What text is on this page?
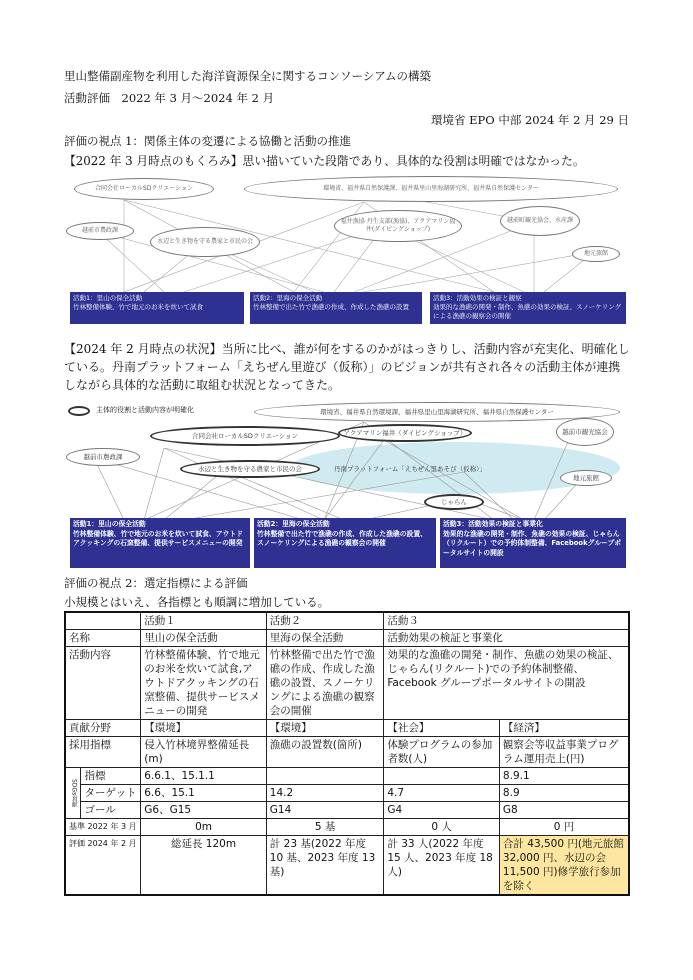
里山整備副産物を利用した海洋資源保全に関するコンソーシアムの構築
活動評価　2022 年 3 月～2024 年 2 月
環境省 EPO 中部 2024 年 2 月 29 日
評価の視点 1：関係主体の変遷による協働と活動の推進
【2022 年 3 月時点のもくろみ】思い描いていた段階であり、具体的な役割は明確ではなかった。
合同会社ローカルSDクリエーション	環境省、福井県自然保護課、福井県里山里海湖研究所、福井県自然保護センター
越前市農政課
水辺と生き物を守る農家と市民の会
福井漁協 丹生支部(漁協)、アクアマリン福井(ダイビングショップ)
越前町観光協会、水産課
地元旅館
活動1：里山の保全活動
竹林整備体験、竹で地元のお米を炊いて試食
活動2：里海の保全活動
竹林整備で出た竹で漁礁の作成、作成した漁礁の設置
活動3：活動効果の検証と観察
効果的な漁礁の開発・制作、魚礁の効果の検証、スノーケリングによる漁礁の観察会の開催
【2024 年 2 月時点の状況】当所に比べ、誰が何をするのかがはっきりし、活動内容が充実化、明確化している。丹南プラットフォーム「えちぜん里遊び（仮称）」のビジョンが共有され各々の活動主体が連携しながら具体的な活動に取組む状況となってきた。
主体的役割と活動内容が明確化	環境省、福井県自然環境課、福井県里山里海湖研究所、福井県自然保護センター
合同会社ローカルSDクリエーション	アクアマリン福井（ダイビングショップ）	越前市観光協会
越前市農政課
水辺と生き物を守る農家と市民の会	丹南プラットフォーム「えちぜん里あそび（仮称）」
地元旅館
じゃらん
活動1：里山の保全活動
竹林整備体験、竹で地元のお米を炊いて試食、アウトドアクッキングの石窯整備、提供サービスメニューの開発
活動2：里海の保全活動
竹林整備で出た竹で漁礁の作成、作成した漁礁の設置、スノーケリングによる漁礁の観察会の開催
活動3：活動効果の検証と事業化
効果的な漁礁の開発・制作、魚礁の効果の検証、じゃらん（リクルート）での予約体制整備、Facebookグループポータルサイトの開設
評価の視点 2：選定指標による評価
小規模とはいえ、各指標とも順調に増加している。
		活動１	活動２	活動３	
名称		里山の保全活動	里海の保全活動	活動効果の検証と事業化	
活動内容		竹林整備体験、竹で地元のお米を炊いて試食,アウトドアクッキングの石窯整備、提供サービスメニューの開発	竹林整備で出た竹で漁礁の作成、作成した漁礁の設置、スノーケリングによる漁礁の観察会の開催	効果的な漁礁の開発・制作、魚礁の効果の検証、じゃらん(リクルート)での予約体制整備、Facebook グループポータルサイトの開設	
貢献分野		【環境】	【環境】	【社会】	【経済】
採用指標		侵入竹林境界整備延長(m)	漁礁の設置数(箇所)	体験プログラムの参加者数(人)	観察会等収益事業プログラム運用売上(円)
SDGs貢献	指標	6.6.1、15.1.1			8.9.1
	ターゲット	6.6、15.1	14.2	4.7	8.9
	ゴール	G6、G15	G14	G4	G8
基準 2022 年 3 月		0m	5 基	0 人	0 円
評価 2024 年 2 月		総延長 120m	計 23 基(2022 年度 10 基、2023 年度 13 基)	計 33 人(2022 年度 15 人、2023 年度 18 人)	合計 43,500 円(地元旅館 32,000 円、水辺の会 11,500 円)修学旅行参加を除く
